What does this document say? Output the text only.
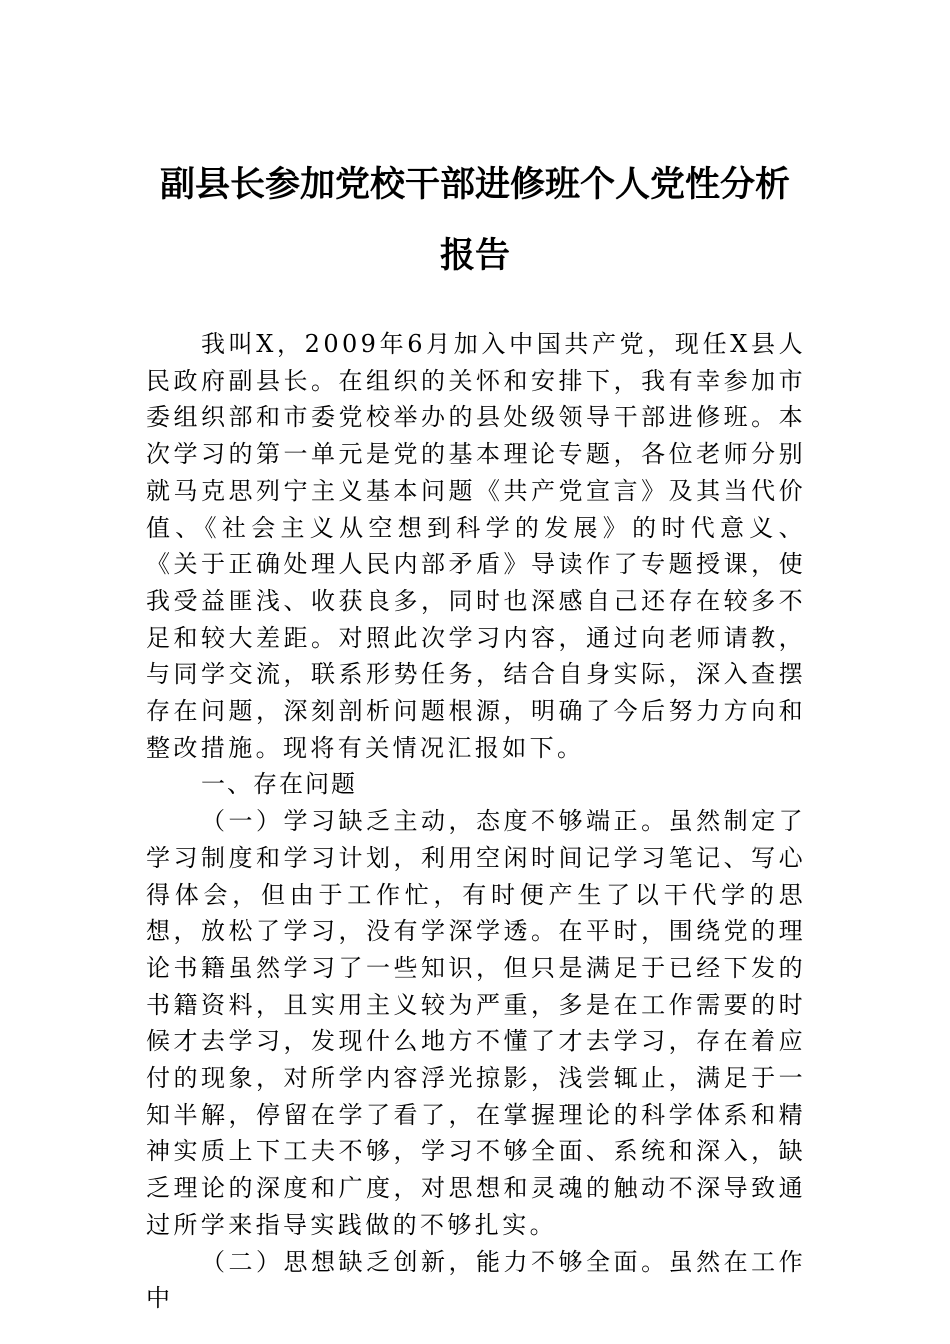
副县长参加党校干部进修班个人党性分析
报告

我叫X，2009年6月加入中国共产党，现任X县人民政府副县长。在组织的关怀和安排下，我有幸参加市委组织部和市委党校举办的县处级领导干部进修班。本次学习的第一单元是党的基本理论专题，各位老师分别就马克思列宁主义基本问题《共产党宣言》及其当代价值、《社会主义从空想到科学的发展》的时代意义、《关于正确处理人民内部矛盾》导读作了专题授课，使我受益匪浅、收获良多，同时也深感自己还存在较多不足和较大差距。对照此次学习内容，通过向老师请教，与同学交流，联系形势任务，结合自身实际，深入查摆存在问题，深刻剖析问题根源，明确了今后努力方向和整改措施。现将有关情况汇报如下。

一、存在问题

（一）学习缺乏主动，态度不够端正。虽然制定了学习制度和学习计划，利用空闲时间记学习笔记、写心得体会，但由于工作忙，有时便产生了以干代学的思想，放松了学习，没有学深学透。在平时，围绕党的理论书籍虽然学习了一些知识，但只是满足于已经下发的书籍资料，且实用主义较为严重，多是在工作需要的时候才去学习，发现什么地方不懂了才去学习，存在着应付的现象，对所学内容浮光掠影，浅尝辄止，满足于一知半解，停留在学了看了，在掌握理论的科学体系和精神实质上下工夫不够，学习不够全面、系统和深入，缺乏理论的深度和广度，对思想和灵魂的触动不深导致通过所学来指导实践做的不够扎实。

（二）思想缺乏创新，能力不够全面。虽然在工作中
